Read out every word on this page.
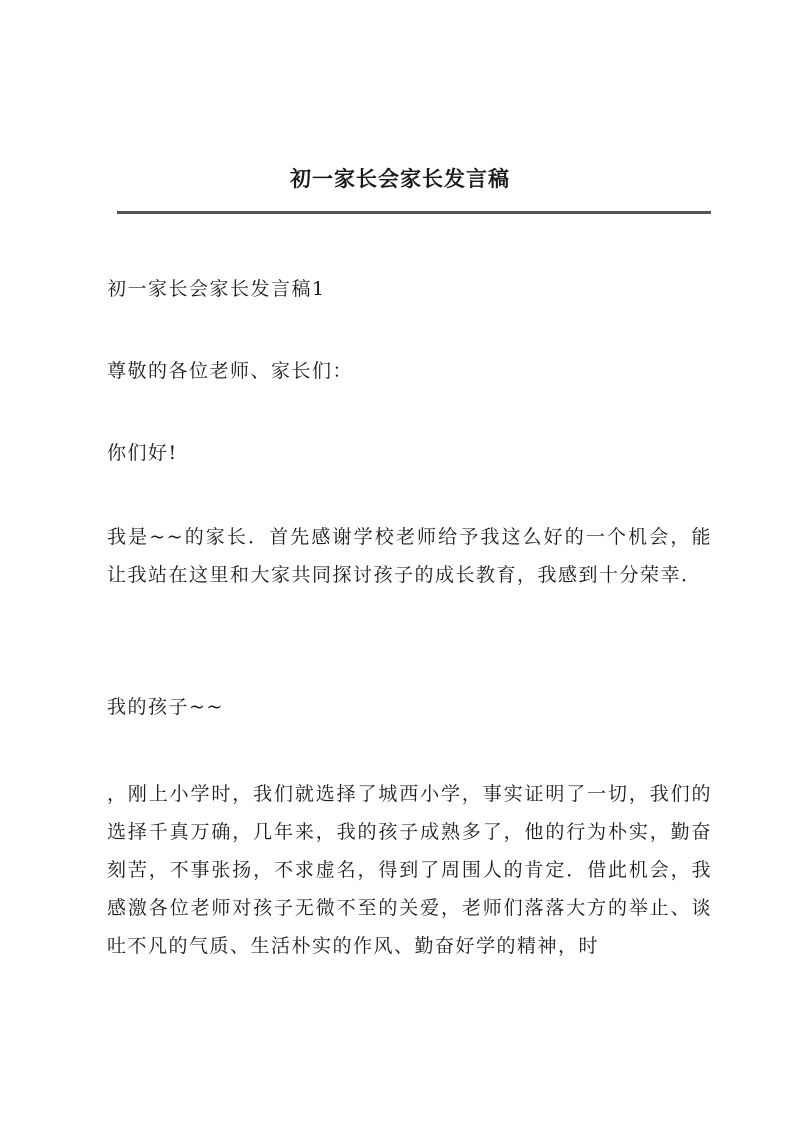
初一家长会家长发言稿

初一家长会家长发言稿1

尊敬的各位老师、家长们：

你们好!

我是~~的家长．首先感谢学校老师给予我这么好的一个机会，能让我站在这里和大家共同探讨孩子的成长教育，我感到十分荣幸．

我的孩子~~

，刚上小学时，我们就选择了城西小学，事实证明了一切，我们的选择千真万确，几年来，我的孩子成熟多了，他的行为朴实，勤奋刻苦，不事张扬，不求虚名，得到了周围人的肯定．借此机会，我感激各位老师对孩子无微不至的关爱，老师们落落大方的举止、谈吐不凡的气质、生活朴实的作风、勤奋好学的精神，时
